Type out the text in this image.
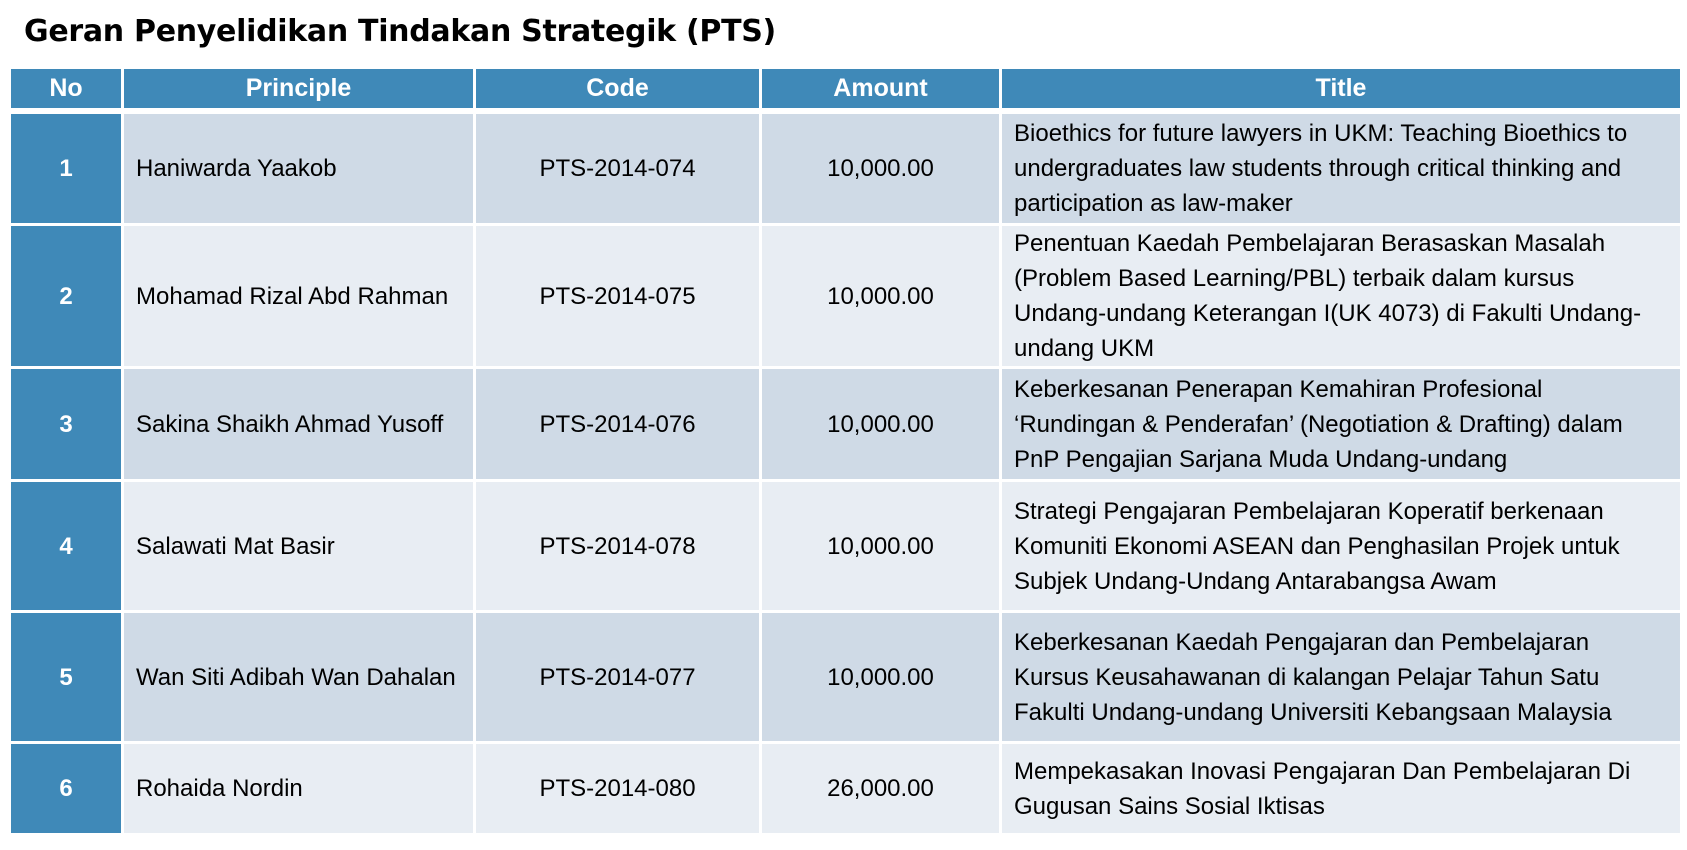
Geran Penyelidikan Tindakan Strategik (PTS)
No	Principle	Code	Amount	Title
1	Haniwarda Yaakob	PTS-2014-074	10,000.00	Bioethics for future lawyers in UKM: Teaching Bioethics to undergraduates law students through critical thinking and participation as law-maker
2	Mohamad Rizal Abd Rahman	PTS-2014-075	10,000.00	Penentuan Kaedah Pembelajaran Berasaskan Masalah (Problem Based Learning/PBL) terbaik dalam kursus Undang-undang Keterangan I(UK 4073) di Fakulti Undang-undang UKM
3	Sakina Shaikh Ahmad Yusoff	PTS-2014-076	10,000.00	Keberkesanan Penerapan Kemahiran Profesional ‘Rundingan & Penderafan’ (Negotiation & Drafting) dalam PnP Pengajian Sarjana Muda Undang-undang
4	Salawati Mat Basir	PTS-2014-078	10,000.00	Strategi Pengajaran Pembelajaran Koperatif berkenaan Komuniti Ekonomi ASEAN dan Penghasilan Projek untuk Subjek Undang-Undang Antarabangsa Awam
5	Wan Siti Adibah Wan Dahalan	PTS-2014-077	10,000.00	Keberkesanan Kaedah Pengajaran dan Pembelajaran Kursus Keusahawanan di kalangan Pelajar Tahun Satu Fakulti Undang-undang Universiti Kebangsaan Malaysia
6	Rohaida Nordin	PTS-2014-080	26,000.00	Mempekasakan Inovasi Pengajaran Dan Pembelajaran Di Gugusan Sains Sosial Iktisas
